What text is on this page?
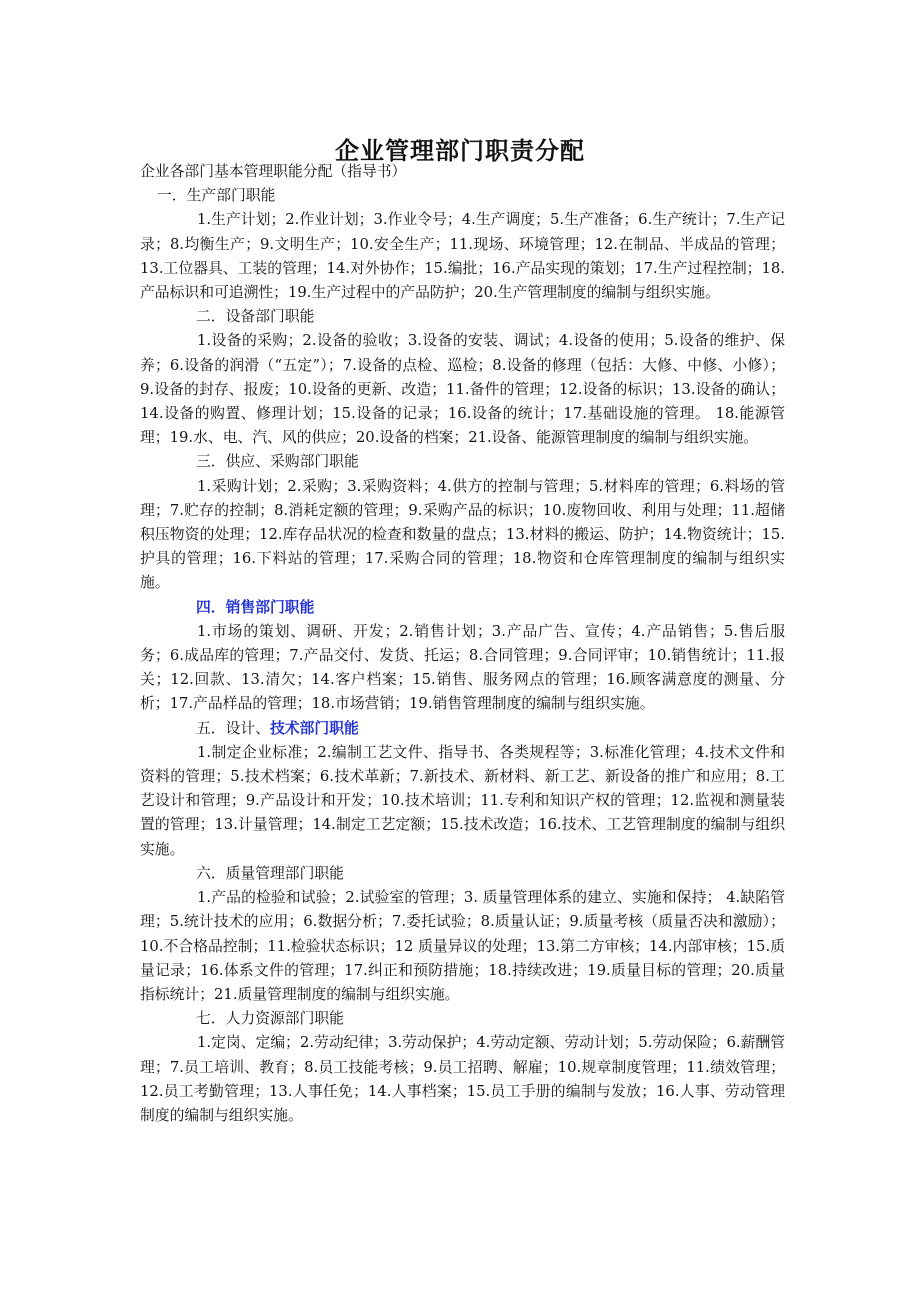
企业管理部门职责分配

企业各部门基本管理职能分配（指导书）

一．生产部门职能

1.生产计划；2.作业计划；3.作业令号；4.生产调度；5.生产准备；6.生产统计；7.生产记录；8.均衡生产；9.文明生产；10.安全生产；11.现场、环境管理；12.在制品、半成品的管理；13.工位器具、工装的管理；14.对外协作；15.编批；16.产品实现的策划；17.生产过程控制；18.产品标识和可追溯性；19.生产过程中的产品防护；20.生产管理制度的编制与组织实施。

二．设备部门职能

1.设备的采购；2.设备的验收；3.设备的安装、调试；4.设备的使用；5.设备的维护、保养；6.设备的润滑（“五定”）；7.设备的点检、巡检；8.设备的修理（包括：大修、中修、小修）；9.设备的封存、报废；10.设备的更新、改造；11.备件的管理；12.设备的标识；13.设备的确认；14.设备的购置、修理计划；15.设备的记录；16.设备的统计；17.基础设施的管理。 18.能源管理；19.水、电、汽、风的供应；20.设备的档案；21.设备、能源管理制度的编制与组织实施。

三．供应、采购部门职能

1.采购计划；2.采购；3.采购资料；4.供方的控制与管理；5.材料库的管理；6.料场的管理；7.贮存的控制；8.消耗定额的管理；9.采购产品的标识；10.废物回收、利用与处理；11.超储积压物资的处理；12.库存品状况的检查和数量的盘点；13.材料的搬运、防护；14.物资统计；15.护具的管理；16.下料站的管理；17.采购合同的管理；18.物资和仓库管理制度的编制与组织实施。

四．销售部门职能

1.市场的策划、调研、开发；2.销售计划；3.产品广告、宣传；4.产品销售；5.售后服务；6.成品库的管理；7.产品交付、发货、托运；8.合同管理；9.合同评审；10.销售统计；11.报关；12.回款、13.清欠；14.客户档案；15.销售、服务网点的管理；16.顾客满意度的测量、分析；17.产品样品的管理；18.市场营销；19.销售管理制度的编制与组织实施。

五．设计、技术部门职能

1.制定企业标准；2.编制工艺文件、指导书、各类规程等；3.标准化管理；4.技术文件和资料的管理；5.技术档案；6.技术革新；7.新技术、新材料、新工艺、新设备的推广和应用；8.工艺设计和管理；9.产品设计和开发；10.技术培训；11.专利和知识产权的管理；12.监视和测量装置的管理；13.计量管理；14.制定工艺定额；15.技术改造；16.技术、工艺管理制度的编制与组织实施。

六．质量管理部门职能

1.产品的检验和试验；2.试验室的管理；3. 质量管理体系的建立、实施和保持； 4.缺陷管理；5.统计技术的应用；6.数据分析；7.委托试验；8.质量认证；9.质量考核（质量否决和激励）；10.不合格品控制；11.检验状态标识；12 质量异议的处理；13.第二方审核；14.内部审核；15.质量记录；16.体系文件的管理；17.纠正和预防措施；18.持续改进；19.质量目标的管理；20.质量指标统计；21.质量管理制度的编制与组织实施。

七．人力资源部门职能

1.定岗、定编；2.劳动纪律；3.劳动保护；4.劳动定额、劳动计划；5.劳动保险；6.薪酬管理；7.员工培训、教育；8.员工技能考核；9.员工招聘、解雇；10.规章制度管理；11.绩效管理；12.员工考勤管理；13.人事任免；14.人事档案；15.员工手册的编制与发放；16.人事、劳动管理制度的编制与组织实施。
